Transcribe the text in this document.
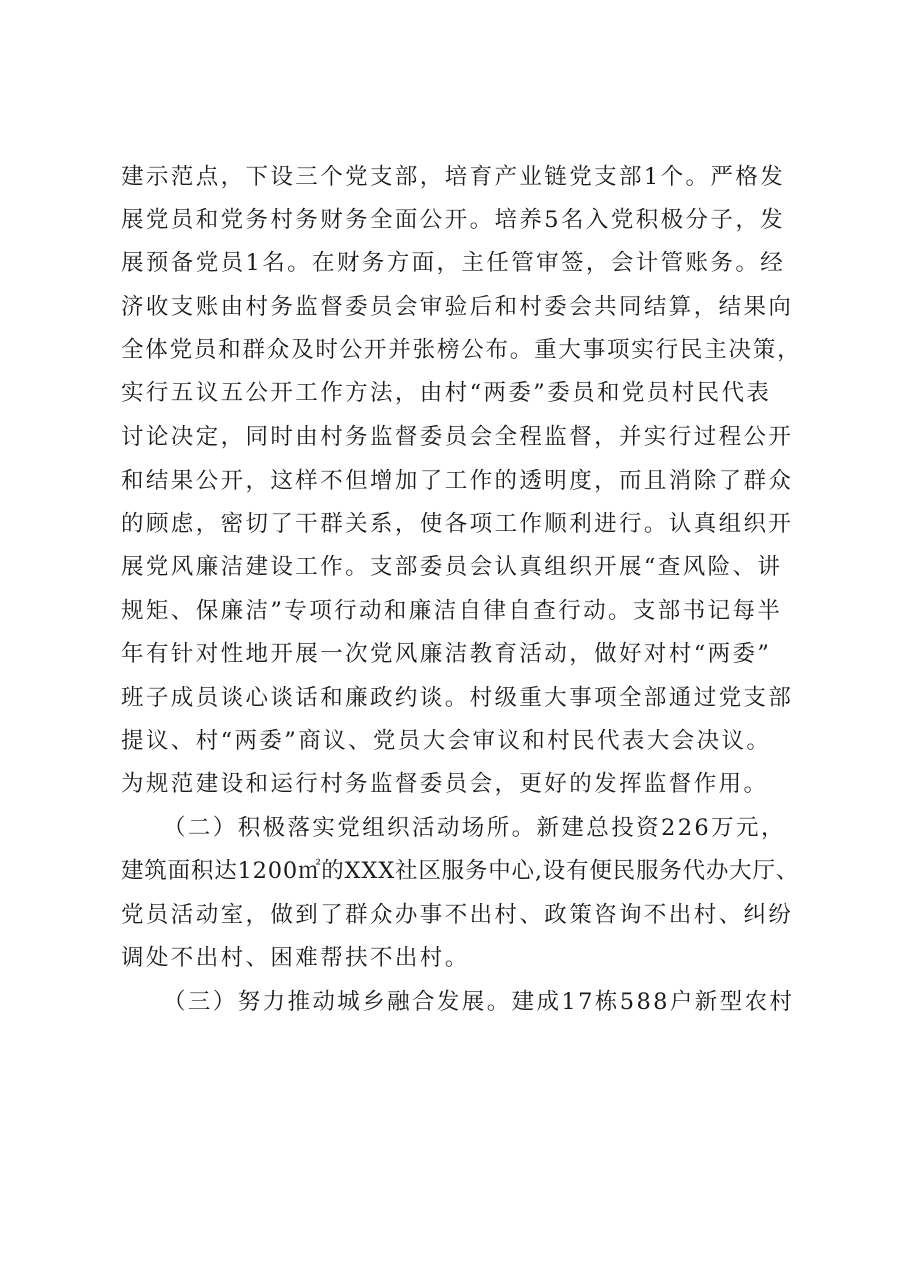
建示范点，下设三个党支部，培育产业链党支部1个。严格发
展党员和党务村务财务全面公开。培养5名入党积极分子，发
展预备党员1名。在财务方面，主任管审签，会计管账务。经
济收支账由村务监督委员会审验后和村委会共同结算，结果向
全体党员和群众及时公开并张榜公布。重大事项实行民主决策，
实行五议五公开工作方法，由村“两委”委员和党员村民代表
讨论决定，同时由村务监督委员会全程监督，并实行过程公开
和结果公开，这样不但增加了工作的透明度，而且消除了群众
的顾虑，密切了干群关系，使各项工作顺利进行。认真组织开
展党风廉洁建设工作。支部委员会认真组织开展“查风险、讲
规矩、保廉洁”专项行动和廉洁自律自查行动。支部书记每半
年有针对性地开展一次党风廉洁教育活动，做好对村“两委”
班子成员谈心谈话和廉政约谈。村级重大事项全部通过党支部
提议、村“两委”商议、党员大会审议和村民代表大会决议。
为规范建设和运行村务监督委员会，更好的发挥监督作用。
（二）积极落实党组织活动场所。新建总投资226万元，
建筑面积达1200㎡的XXX社区服务中心,设有便民服务代办大厅、
党员活动室，做到了群众办事不出村、政策咨询不出村、纠纷
调处不出村、困难帮扶不出村。
（三）努力推动城乡融合发展。建成17栋588户新型农村
